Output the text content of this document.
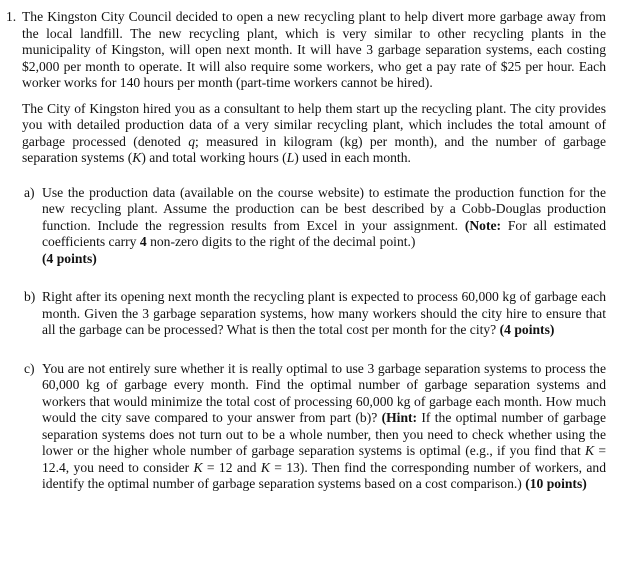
1. The Kingston City Council decided to open a new recycling plant to help divert more garbage away from the local landfill. The new recycling plant, which is very similar to other recycling plants in the municipality of Kingston, will open next month. It will have 3 garbage separation systems, each costing $2,000 per month to operate. It will also require some workers, who get a pay rate of $25 per hour. Each worker works for 140 hours per month (part-time workers cannot be hired).
The City of Kingston hired you as a consultant to help them start up the recycling plant. The city provides you with detailed production data of a very similar recycling plant, which includes the total amount of garbage processed (denoted q; measured in kilogram (kg) per month), and the number of garbage separation systems (K) and total working hours (L) used in each month.
a) Use the production data (available on the course website) to estimate the production function for the new recycling plant. Assume the production can be best described by a Cobb-Douglas production function. Include the regression results from Excel in your assignment. (Note: For all estimated coefficients carry 4 non-zero digits to the right of the decimal point.)
(4 points)
b) Right after its opening next month the recycling plant is expected to process 60,000 kg of garbage each month. Given the 3 garbage separation systems, how many workers should the city hire to ensure that all the garbage can be processed? What is then the total cost per month for the city? (4 points)
c) You are not entirely sure whether it is really optimal to use 3 garbage separation systems to process the 60,000 kg of garbage every month. Find the optimal number of garbage separation systems and workers that would minimize the total cost of processing 60,000 kg of garbage each month. How much would the city save compared to your answer from part (b)? (Hint: If the optimal number of garbage separation systems does not turn out to be a whole number, then you need to check whether using the lower or the higher whole number of garbage separation systems is optimal (e.g., if you find that K = 12.4, you need to consider K = 12 and K = 13). Then find the corresponding number of workers, and identify the optimal number of garbage separation systems based on a cost comparison.) (10 points)
